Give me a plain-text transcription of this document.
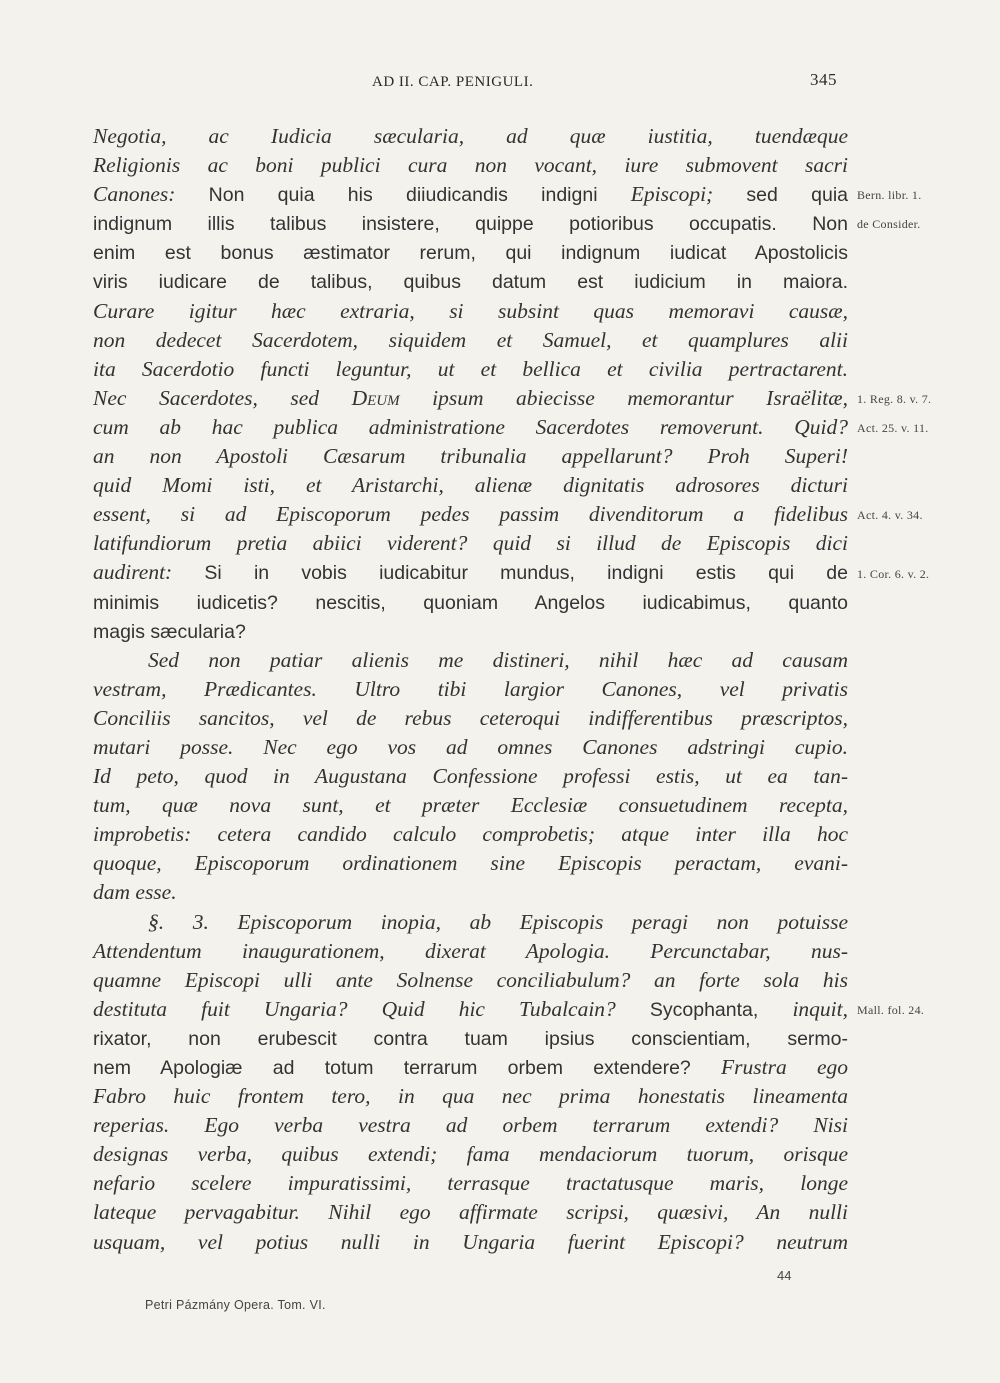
AD II. CAP. PENIGULI.	345
Negotia, ac Iudicia sæcularia, ad quæ iustitia, tuendæque
Religionis ac boni publici cura non vocant, iure submovent sacri
Canones: Non quia his diiudicandis indigni Episcopi; sed quia
indignum illis talibus insistere, quippe potioribus occupatis. Non
enim est bonus æstimator rerum, qui indignum iudicat Apostolicis
viris iudicare de talibus, quibus datum est iudicium in maiora.
Curare igitur hæc extraria, si subsint quas memoravi causæ,
non dedecet Sacerdotem, siquidem et Samuel, et quamplures alii
ita Sacerdotio functi leguntur, ut et bellica et civilia pertractarent.
Nec Sacerdotes, sed Deum ipsum abiecisse memorantur Israëlitæ,
cum ab hac publica administratione Sacerdotes removerunt. Quid?
an non Apostoli Cæsarum tribunalia appellarunt? Proh Superi!
quid Momi isti, et Aristarchi, alienæ dignitatis adrosores dicturi
essent, si ad Episcoporum pedes passim divenditorum a fidelibus
latifundiorum pretia abiici viderent? quid si illud de Episcopis dici
audirent: Si in vobis iudicabitur mundus, indigni estis qui de
minimis iudicetis? nescitis, quoniam Angelos iudicabimus, quanto
magis sæcularia?
Sed non patiar alienis me distineri, nihil hæc ad causam
vestram, Prædicantes. Ultro tibi largior Canones, vel privatis
Conciliis sancitos, vel de rebus ceteroqui indifferentibus præscriptos,
mutari posse. Nec ego vos ad omnes Canones adstringi cupio.
Id peto, quod in Augustana Confessione professi estis, ut ea tan-
tum, quæ nova sunt, et præter Ecclesiæ consuetudinem recepta,
improbetis: cetera candido calculo comprobetis; atque inter illa hoc
quoque, Episcoporum ordinationem sine Episcopis peractam, evani-
dam esse.
§. 3. Episcoporum inopia, ab Episcopis peragi non potuisse
Attendentum inaugurationem, dixerat Apologia. Percunctabar, nus-
quamne Episcopi ulli ante Solnense conciliabulum? an forte sola his
destituta fuit Ungaria? Quid hic Tubalcain? Sycophanta, inquit,
rixator, non erubescit contra tuam ipsius conscientiam, sermo-
nem Apologiæ ad totum terrarum orbem extendere? Frustra ego
Fabro huic frontem tero, in qua nec prima honestatis lineamenta
reperias. Ego verba vestra ad orbem terrarum extendi? Nisi
designas verba, quibus extendi; fama mendaciorum tuorum, orisque
nefario scelere impuratissimi, terrasque tractatusque maris, longe
lateque pervagabitur. Nihil ego affirmate scripsi, quæsivi, An nulli
usquam, vel potius nulli in Ungaria fuerint Episcopi? neutrum
Bern. libr. 1.
de Consider.
1. Reg. 8. v. 7.
Act. 25. v. 11.
Act. 4. v. 34.
1. Cor. 6. v. 2.
Mall. fol. 24.
44
Petri Pázmány Opera. Tom. VI.
